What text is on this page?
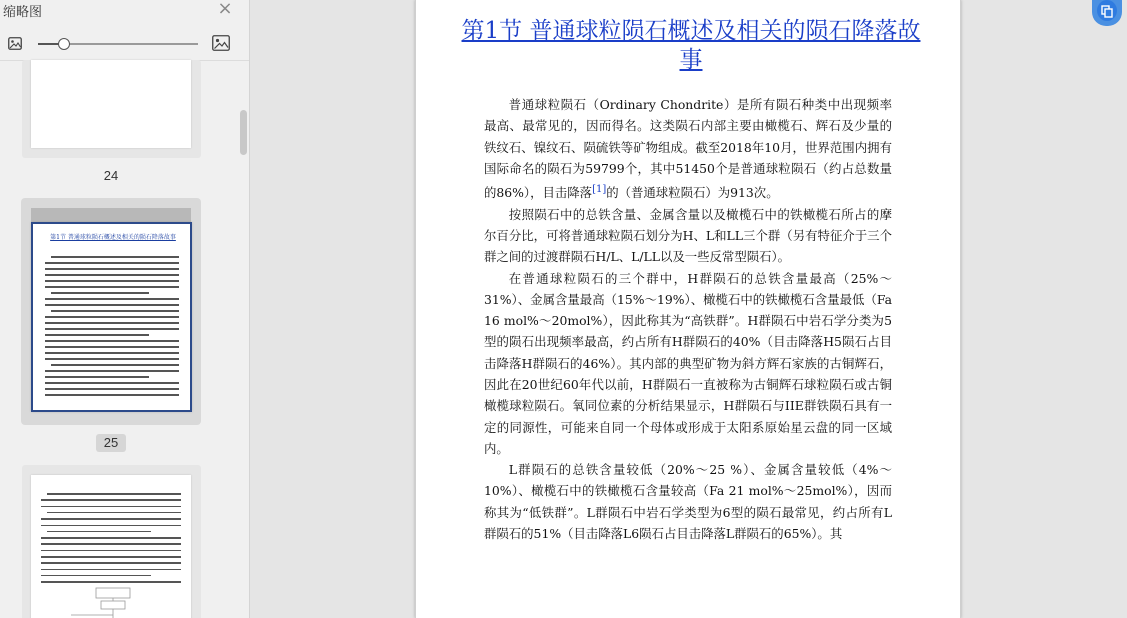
缩略图	×
24
第1节 普通球粒陨石概述及相关的陨石降落故事
25
第1节 普通球粒陨石概述及相关的陨石降落故事

普通球粒陨石（Ordinary Chondrite）是所有陨石种类中出现频率最高、最常见的，因而得名。这类陨石内部主要由橄榄石、辉石及少量的铁纹石、镍纹石、陨硫铁等矿物组成。截至2018年10月，世界范围内拥有国际命名的陨石为59799个，其中51450个是普通球粒陨石（约占总数量的86%），目击降落[1]的（普通球粒陨石）为913次。

按照陨石中的总铁含量、金属含量以及橄榄石中的铁橄榄石所占的摩尔百分比，可将普通球粒陨石划分为H、L和LL三个群（另有特征介于三个群之间的过渡群陨石H/L、L/LL以及一些反常型陨石）。

在普通球粒陨石的三个群中，H群陨石的总铁含量最高（25%～31%）、金属含量最高（15%～19%）、橄榄石中的铁橄榄石含量最低（Fa 16 mol%～20mol%），因此称其为“高铁群”。H群陨石中岩石学分类为5型的陨石出现频率最高，约占所有H群陨石的40%（目击降落H5陨石占目击降落H群陨石的46%）。其内部的典型矿物为斜方辉石家族的古铜辉石，因此在20世纪60年代以前，H群陨石一直被称为古铜辉石球粒陨石或古铜橄榄球粒陨石。氧同位素的分析结果显示，H群陨石与IIE群铁陨石具有一定的同源性，可能来自同一个母体或形成于太阳系原始星云盘的同一区域内。

L群陨石的总铁含量较低（20%～25 %）、金属含量较低（4%～10%）、橄榄石中的铁橄榄石含量较高（Fa 21 mol%～25mol%），因而称其为“低铁群”。L群陨石中岩石学类型为6型的陨石最常见，约占所有L群陨石的51%（目击降落L6陨石占目击降落L群陨石的65%）。其
